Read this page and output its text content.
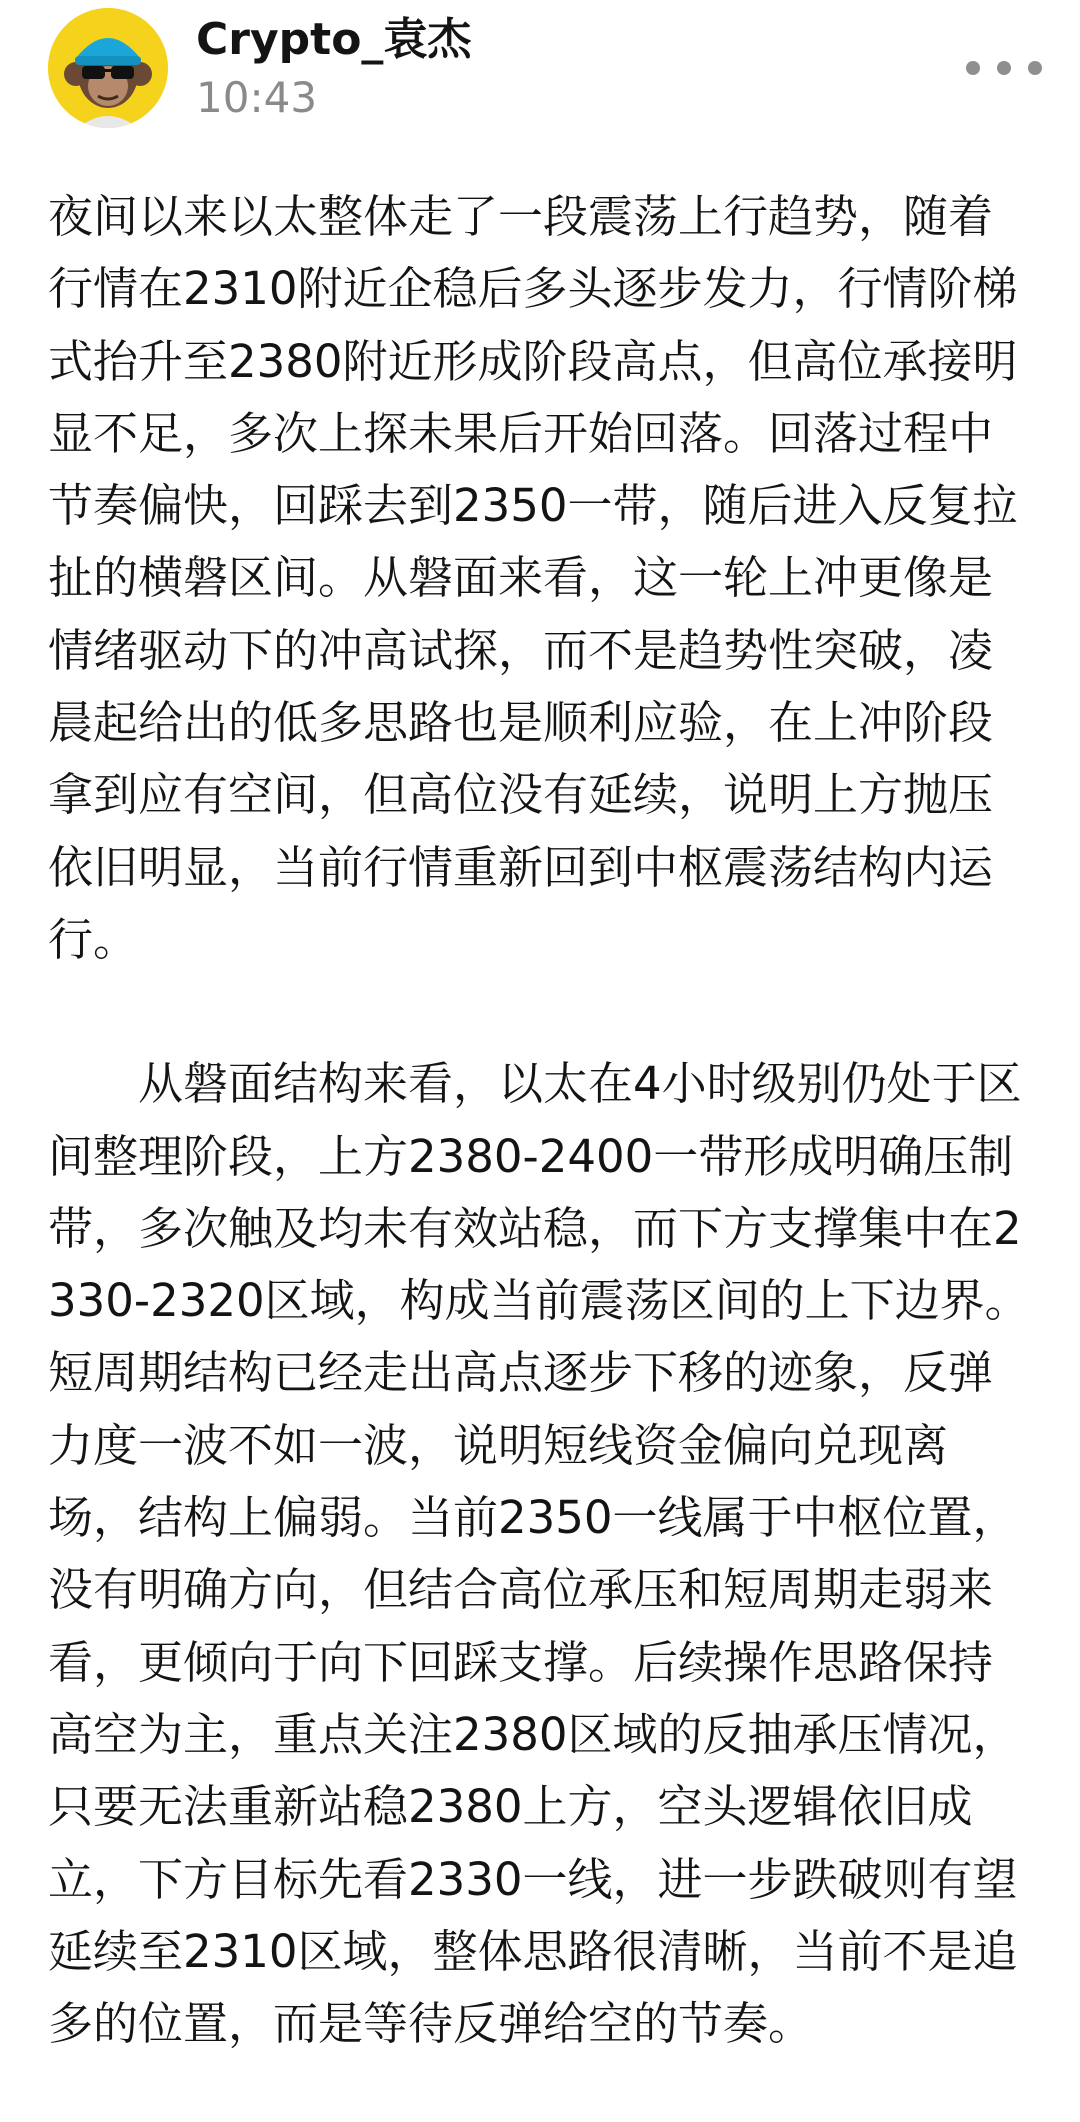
Crypto_袁杰
10:43

夜间以来以太整体走了一段震荡上行趋势，随着行情在2310附近企稳后多头逐步发力，行情阶梯式抬升至2380附近形成阶段高点，但高位承接明显不足，多次上探未果后开始回落。回落过程中节奏偏快，回踩去到2350一带，随后进入反复拉扯的横磐区间。从磐面来看，这一轮上冲更像是情绪驱动下的冲高试探，而不是趋势性突破，凌晨起给出的低多思路也是顺利应验，在上冲阶段拿到应有空间，但高位没有延续，说明上方抛压依旧明显，当前行情重新回到中枢震荡结构内运行。

　　从磐面结构来看，以太在4小时级别仍处于区间整理阶段，上方2380-2400一带形成明确压制带，多次触及均未有效站稳，而下方支撑集中在2330-2320区域，构成当前震荡区间的上下边界。短周期结构已经走出高点逐步下移的迹象，反弹力度一波不如一波，说明短线资金偏向兑现离场，结构上偏弱。当前2350一线属于中枢位置，没有明确方向，但结合高位承压和短周期走弱来看，更倾向于向下回踩支撑。后续操作思路保持高空为主，重点关注2380区域的反抽承压情况，只要无法重新站稳2380上方，空头逻辑依旧成立，下方目标先看2330一线，进一步跌破则有望延续至2310区域，整体思路很清晰，当前不是追多的位置，而是等待反弹给空的节奏。
